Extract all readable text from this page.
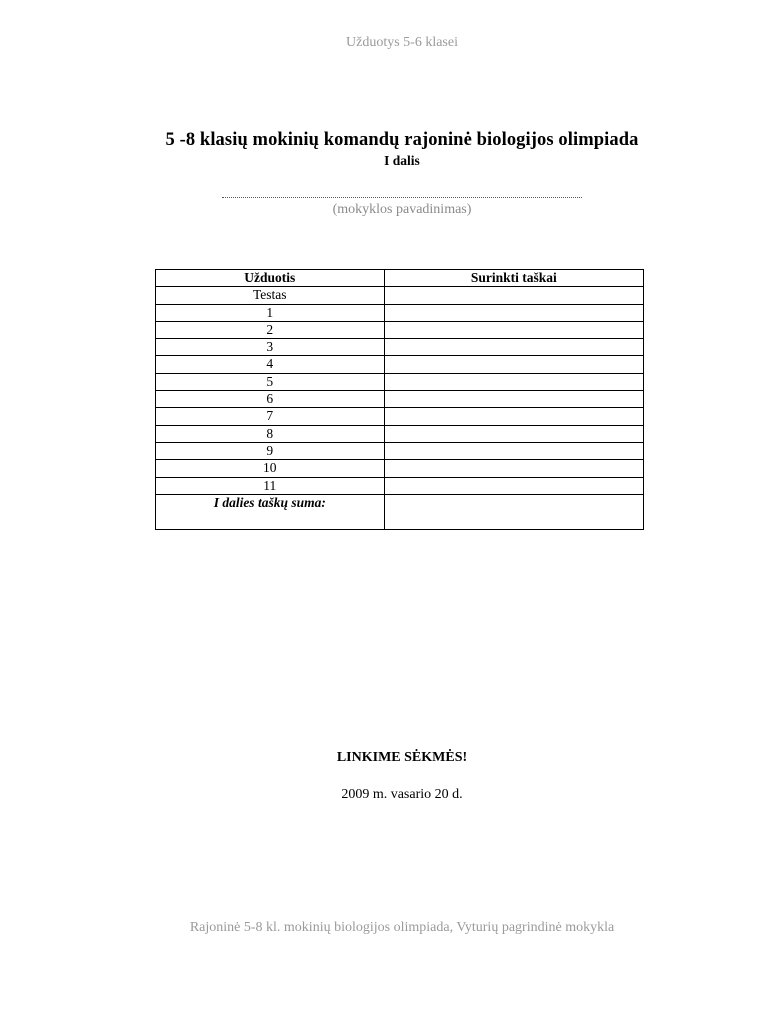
Užduotys 5-6 klasei
5 -8 klasių mokinių komandų rajoninė biologijos olimpiada
I dalis
(mokyklos pavadinimas)
Užduotis	Surinkti taškai
Testas	
1	
2	
3	
4	
5	
6	
7	
8	
9	
10	
11	
I dalies taškų suma:	
LINKIME SĖKMĖS!
2009 m. vasario 20 d.
Rajoninė 5-8 kl. mokinių biologijos olimpiada, Vyturių pagrindinė mokykla
